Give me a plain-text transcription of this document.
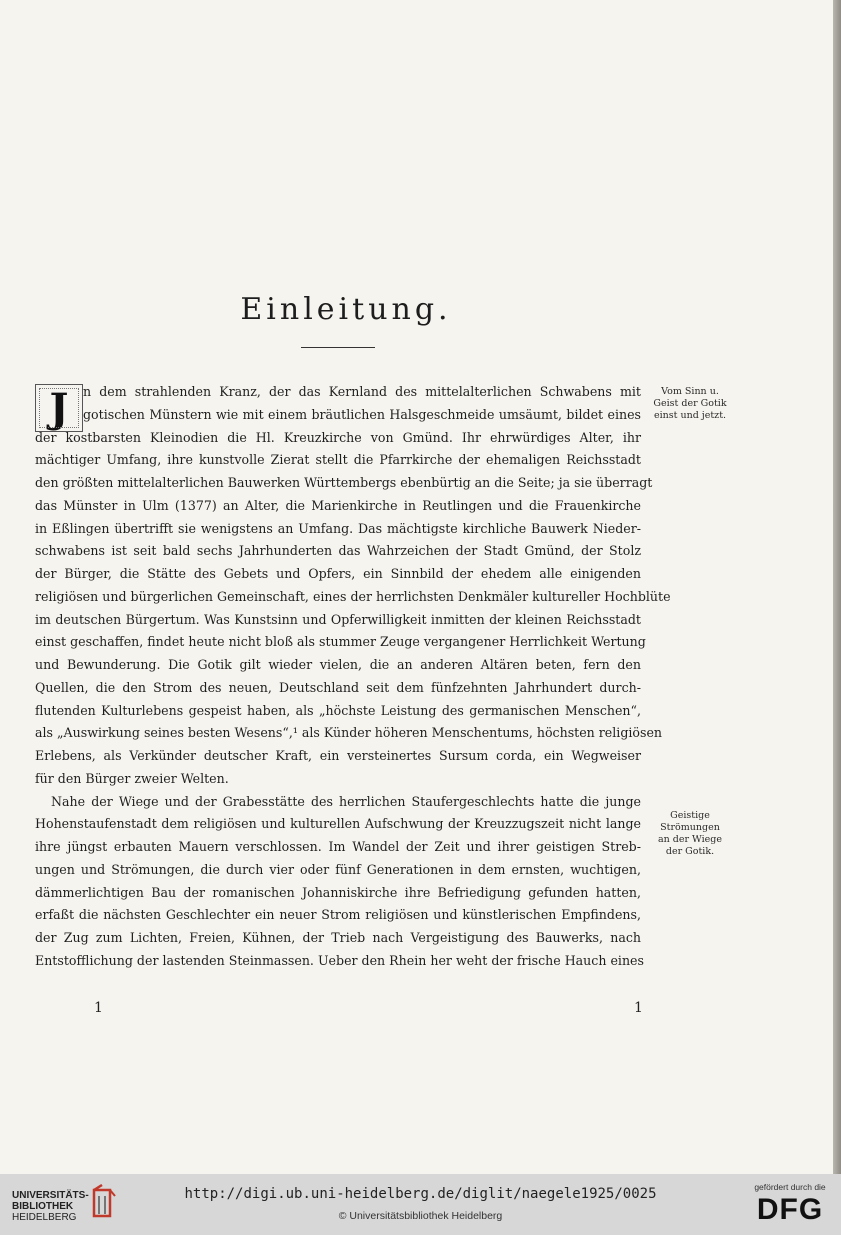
Einleitung.
J	n dem strahlenden Kranz, der das Kernland des mittelalterlichen Schwabens mit
gotischen Münstern wie mit einem bräutlichen Halsgeschmeide umsäumt, bildet eines
der kostbarsten Kleinodien die Hl. Kreuzkirche von Gmünd. Ihr ehrwürdiges Alter, ihr
mächtiger Umfang, ihre kunstvolle Zierat stellt die Pfarrkirche der ehemaligen Reichsstadt
den größten mittelalterlichen Bauwerken Württembergs ebenbürtig an die Seite; ja sie überragt
das Münster in Ulm (1377) an Alter, die Marienkirche in Reutlingen und die Frauenkirche
in Eßlingen übertrifft sie wenigstens an Umfang. Das mächtigste kirchliche Bauwerk Nieder-
schwabens ist seit bald sechs Jahrhunderten das Wahrzeichen der Stadt Gmünd, der Stolz
der Bürger, die Stätte des Gebets und Opfers, ein Sinnbild der ehedem alle einigenden
religiösen und bürgerlichen Gemeinschaft, eines der herrlichsten Denkmäler kultureller Hochblüte
im deutschen Bürgertum. Was Kunstsinn und Opferwilligkeit inmitten der kleinen Reichsstadt
einst geschaffen, findet heute nicht bloß als stummer Zeuge vergangener Herrlichkeit Wertung
und Bewunderung. Die Gotik gilt wieder vielen, die an anderen Altären beten, fern den
Quellen, die den Strom des neuen, Deutschland seit dem fünfzehnten Jahrhundert durch-
flutenden Kulturlebens gespeist haben, als „höchste Leistung des germanischen Menschen“,
als „Auswirkung seines besten Wesens“,¹ als Künder höheren Menschentums, höchsten religiösen
Erlebens, als Verkünder deutscher Kraft, ein versteinertes Sursum corda, ein Wegweiser
für den Bürger zweier Welten.
Nahe der Wiege und der Grabesstätte des herrlichen Staufergeschlechts hatte die junge
Hohenstaufenstadt dem religiösen und kulturellen Aufschwung der Kreuzzugszeit nicht lange
ihre jüngst erbauten Mauern verschlossen. Im Wandel der Zeit und ihrer geistigen Streb-
ungen und Strömungen, die durch vier oder fünf Generationen in dem ernsten, wuchtigen,
dämmerlichtigen Bau der romanischen Johanniskirche ihre Befriedigung gefunden hatten,
erfaßt die nächsten Geschlechter ein neuer Strom religiösen und künstlerischen Empfindens,
der Zug zum Lichten, Freien, Kühnen, der Trieb nach Vergeistigung des Bauwerks, nach
Entstofflichung der lastenden Steinmassen. Ueber den Rhein her weht der frische Hauch eines
Vom Sinn u.
Geist der Gotik
einst und jetzt.
Geistige
Strömungen
an der Wiege
der Gotik.
1	1
UNIVERSITÄTS-
BIBLIOTHEK
HEIDELBERG
http://digi.ub.uni-heidelberg.de/diglit/naegele1925/0025
© Universitätsbibliothek Heidelberg
gefördert durch die
DFG
